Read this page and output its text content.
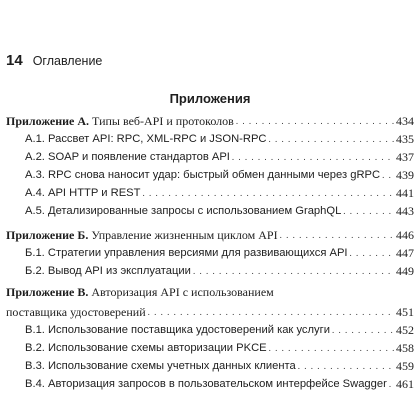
14 Оглавление
Приложения
Приложение А. Типы веб-API и протоколов . . .	434
А.1. Рассвет API: RPC, XML-RPC и JSON-RPC . . .	435
А.2. SOAP и появление стандартов API . . .	437
А.3. RPC снова наносит удар: быстрый обмен данными через gRPC . . . 439
А.4. API HTTP и REST . . .	441
А.5. Детализированные запросы с использованием GraphQL . . .	443
Приложение Б. Управление жизненным циклом API . . .	446
Б.1. Стратегии управления версиями для развивающихся API . . .	447
Б.2. Вывод API из эксплуатации . . .	449
Приложение В. Авторизация API с использованием
поставщика удостоверений . . .	451
В.1. Использование поставщика удостоверений как услуги . . .	452
В.2. Использование схемы авторизации PKCE . . .	458
В.3. Использование схемы учетных данных клиента . . .	459
В.4. Авторизация запросов в пользовательском интерфейсе Swagger . . . 461
